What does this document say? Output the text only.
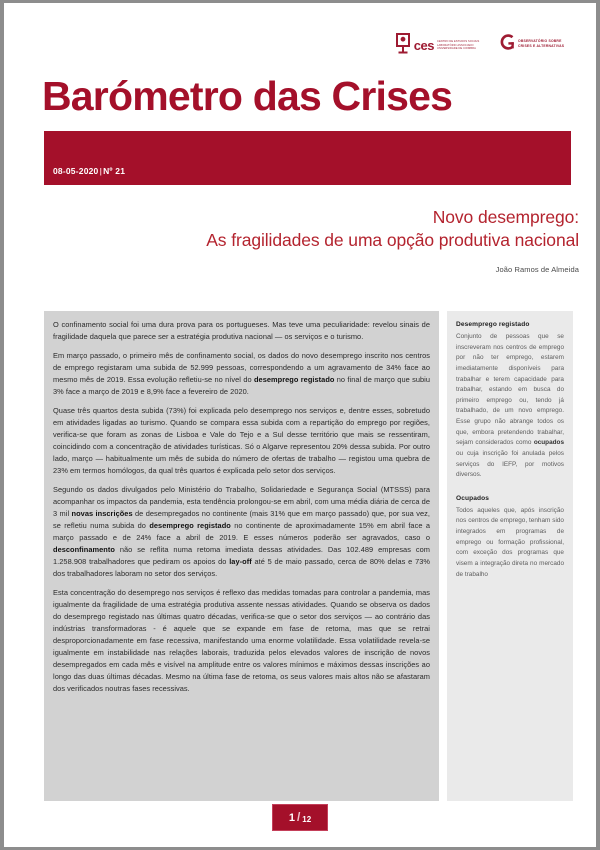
ces CENTRO DE ESTUDOS SOCIAIS LABORATÓRIO ASSOCIADO UNIVERSIDADE DE COIMBRA
OBSERVATÓRIO SOBRE CRISES E ALTERNATIVAS
Barómetro das Crises
08-05-2020|Nº 21
Novo desemprego:
As fragilidades de uma opção produtiva nacional
João Ramos de Almeida

O confinamento social foi uma dura prova para os portugueses. Mas teve uma peculiaridade: revelou sinais de fragilidade daquela que parece ser a estratégia produtiva nacional — os serviços e o turismo.

Em março passado, o primeiro mês de confinamento social, os dados do novo desemprego inscrito nos centros de emprego registaram uma subida de 52.999 pessoas, correspondendo a um agravamento de 34% face ao mesmo mês de 2019. Essa evolução refletiu-se no nível do desemprego registado no final de março que subiu 3% face a março de 2019 e 8,9% face a fevereiro de 2020.

Quase três quartos desta subida (73%) foi explicada pelo desemprego nos serviços e, dentre esses, sobretudo em atividades ligadas ao turismo. Quando se compara essa subida com a repartição do emprego por regiões, verifica-se que foram as zonas de Lisboa e Vale do Tejo e a Sul desse território que mais se ressentiram, coincidindo com a concentração de atividades turísticas. Só o Algarve representou 20% dessa subida. Por outro lado, março — habitualmente um mês de subida do número de ofertas de trabalho — registou uma quebra de 23% em termos homólogos, da qual três quartos é explicada pelo setor dos serviços.

Segundo os dados divulgados pelo Ministério do Trabalho, Solidariedade e Segurança Social (MTSSS) para acompanhar os impactos da pandemia, esta tendência prolongou-se em abril, com uma média diária de cerca de 3 mil novas inscrições de desempregados no continente (mais 31% que em março passado) que, por sua vez, se refletiu numa subida do desemprego registado no continente de aproximadamente 15% em abril face a março passado e de 24% face a abril de 2019. E esses números poderão ser agravados, caso o desconfinamento não se reflita numa retoma imediata dessas atividades. Das 102.489 empresas com 1.258.908 trabalhadores que pediram os apoios do lay-off até 5 de maio passado, cerca de 80% delas e 73% dos trabalhadores laboram no setor dos serviços.

Esta concentração do desemprego nos serviços é reflexo das medidas tomadas para controlar a pandemia, mas igualmente da fragilidade de uma estratégia produtiva assente nessas atividades. Quando se observa os dados do desemprego registado nas últimas quatro décadas, verifica-se que o setor dos serviços — ao contrário das indústrias transformadoras - é aquele que se expande em fase de retoma, mas que se retrai desproporcionadamente em fase recessiva, manifestando uma enorme volatilidade. Essa volatilidade revela-se igualmente em instabilidade nas relações laborais, traduzida pelos elevados valores de inscrição de novos desempregados em cada mês e visível na amplitude entre os valores mínimos e máximos dessas inscrições ao longo das duas últimas décadas. Mesmo na última fase de retoma, os seus valores mais altos não se afastaram dos verificados noutras fases recessivas.

Desemprego registado

Conjunto de pessoas que se inscreveram nos centros de emprego por não ter emprego, estarem imediatamente disponíveis para trabalhar e terem capacidade para trabalhar, estando em busca do primeiro emprego ou, tendo já trabalhado, de um novo emprego. Esse grupo não abrange todos os que, embora pretendendo trabalhar, sejam considerados como ocupados ou cuja inscrição foi anulada pelos serviços do IEFP, por motivos diversos.

Ocupados

Todos aqueles que, após inscrição nos centros de emprego, tenham sido integrados em programas de emprego ou formação profissional, com exceção dos programas que visem a integração direta no mercado de trabalho

1 / 12
